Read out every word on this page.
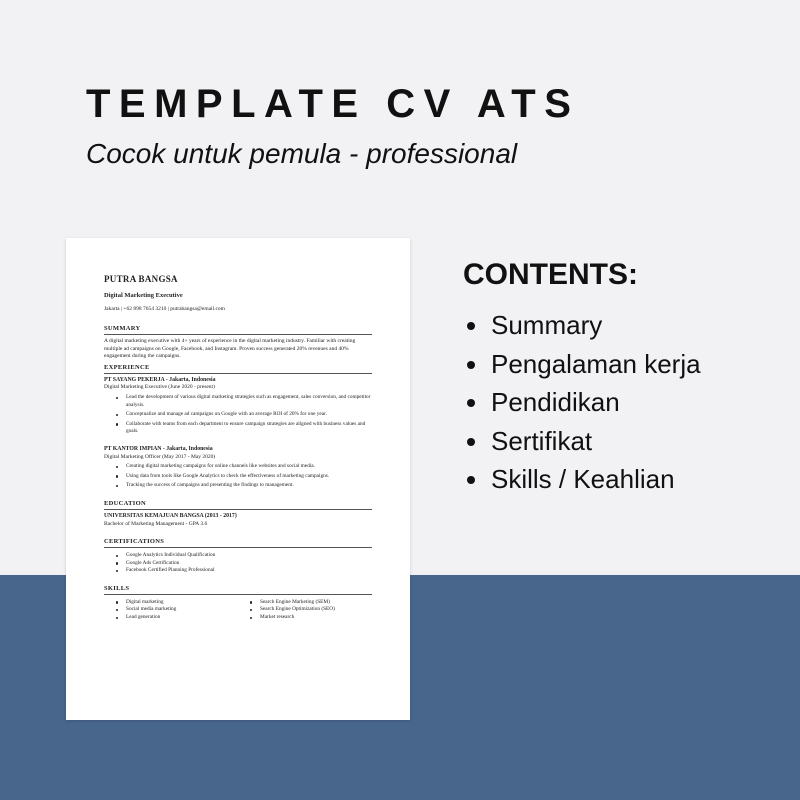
TEMPLATE CV ATS
Cocok untuk pemula - professional
CONTENTS:
Summary
Pengalaman kerja
Pendidikan
Sertifikat
Skills / Keahlian
PUTRA BANGSA
Digital Marketing Executive
Jakarta | +62 898 7654 3210 | putrabangsa@email.com
SUMMARY
A digital marketing executive with 4+ years of experience in the digital marketing industry. Familiar with creating multiple ad campaigns on Google, Facebook, and Instagram. Proven success generated 20% revenues and 40% engagement during the campaigns.
EXPERIENCE
PT SAYANG PEKERJA - Jakarta, Indonesia
Digital Marketing Executive (June 2020 - present)
Lead the development of various digital marketing strategies such as engagement, sales conversion, and competitor analysis.
Conceptualize and manage ad campaigns on Google with an average ROI of 20% for one year.
Collaborate with teams from each department to ensure campaign strategies are aligned with business values and goals.
PT KANTOR IMPIAN - Jakarta, Indonesia
Digital Marketing Officer (May 2017 - May 2020)
Creating digital marketing campaigns for online channels like websites and social media.
Using data from tools like Google Analytics to check the effectiveness of marketing campaigns.
Tracking the success of campaigns and presenting the findings to management.
EDUCATION
UNIVERSITAS KEMAJUAN BANGSA (2013 - 2017)
Bachelor of Marketing Management - GPA 3.6
CERTIFICATIONS
Google Analytics Individual Qualification
Google Ads Certification
Facebook Certified Planning Professional
SKILLS
Digital marketing
Social media marketing
Lead generation
Search Engine Marketing (SEM)
Search Engine Optimization (SEO)
Market research
